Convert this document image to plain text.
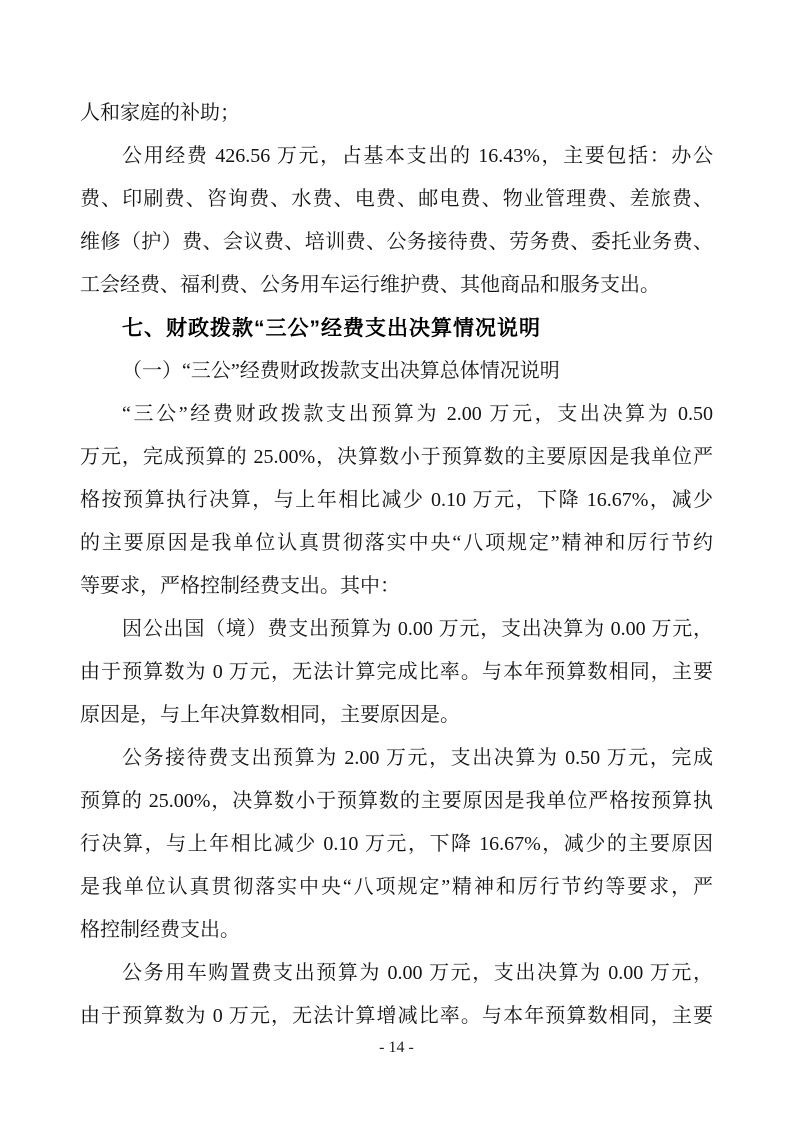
人和家庭的补助；
公用经费 426.56 万元，占基本支出的 16.43%，主要包括：办公
费、印刷费、咨询费、水费、电费、邮电费、物业管理费、差旅费、
维修（护）费、会议费、培训费、公务接待费、劳务费、委托业务费、
工会经费、福利费、公务用车运行维护费、其他商品和服务支出。
七、财政拨款“三公”经费支出决算情况说明
（一）“三公”经费财政拨款支出决算总体情况说明
“三公”经费财政拨款支出预算为 2.00 万元，支出决算为 0.50
万元，完成预算的 25.00%，决算数小于预算数的主要原因是我单位严
格按预算执行决算，与上年相比减少 0.10 万元，下降 16.67%，减少
的主要原因是我单位认真贯彻落实中央“八项规定”精神和厉行节约
等要求，严格控制经费支出。其中：
因公出国（境）费支出预算为 0.00 万元，支出决算为 0.00 万元，
由于预算数为 0 万元，无法计算完成比率。与本年预算数相同，主要
原因是，与上年决算数相同，主要原因是。
公务接待费支出预算为 2.00 万元，支出决算为 0.50 万元，完成
预算的 25.00%，决算数小于预算数的主要原因是我单位严格按预算执
行决算，与上年相比减少 0.10 万元，下降 16.67%，减少的主要原因
是我单位认真贯彻落实中央“八项规定”精神和厉行节约等要求，严
格控制经费支出。
公务用车购置费支出预算为 0.00 万元，支出决算为 0.00 万元，
由于预算数为 0 万元，无法计算增减比率。与本年预算数相同，主要
- 14 -
